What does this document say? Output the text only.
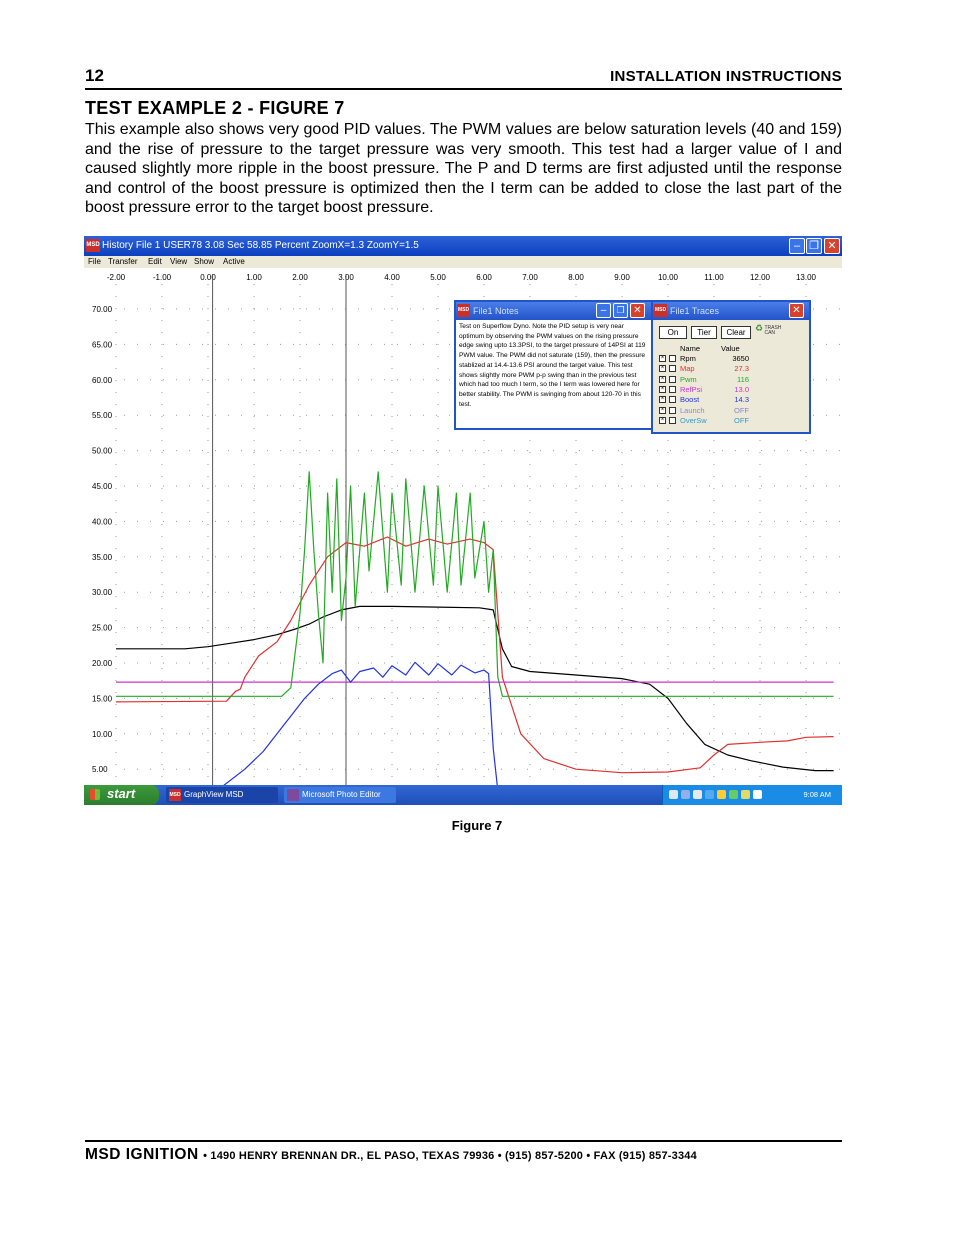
12	INSTALLATION INSTRUCTIONS
TEST EXAMPLE 2 - FIGURE 7
This example also shows very good PID values. The PWM values are below saturation levels (40 and 159) and the rise of pressure to the target pressure was very smooth. This test had a larger value of I and caused slightly more ripple in the boost pressure. The P and D terms are first adjusted until the response and control of the boost pressure is optimized then the I term can be added to close the last part of the boost pressure error to the target boost pressure.
-2.00	-1.00	0.00	1.00	2.00	3.00	4.00	5.00	6.00	7.00	8.00	9.00	10.00	11.00	12.00	13.00
70.00
65.00
60.00
55.00
50.00
45.00
40.00
35.00
30.00
25.00
20.00
15.00
10.00
5.00
MSD History File 1 USER78 3.08 Sec 58.85 Percent ZoomX=1.3 ZoomY=1.5	– ❐ ✕
File Transfer Edit View Show Active
MSD File1 Notes	–	❐ ✕
Test on Superflow Dyno. Note the PID setup is very near optimum by observing the PWM values on the rising pressure edge swing upto 13.3PSI, to the target pressure of 14PSI at 119 PWM value. The PWM did not saturate (159), then the pressure stablized at 14.4-13.6 PSI around the target value. This test shows slightly more PWM p-p swing than in the previous test which had too much I term, so the I term was lowered here for better stability. The PWM is swinging from about 120-70 in this test.
MSD File1 Traces	✕
On	Tier	Clear	♻ TRASH CAN
Name	Value
× Rpm	3650
× Map	27.3
× Pwm	116
× RefPsi	13.0
× Boost	14.3
× Launch	OFF
× OverSw	OFF
start	MSD GraphView MSD	Microsoft Photo Editor	9:08 AM
Figure 7
MSD IGNITION • 1490 HENRY BRENNAN DR., EL PASO, TEXAS 79936 • (915) 857-5200 • FAX (915) 857-3344
